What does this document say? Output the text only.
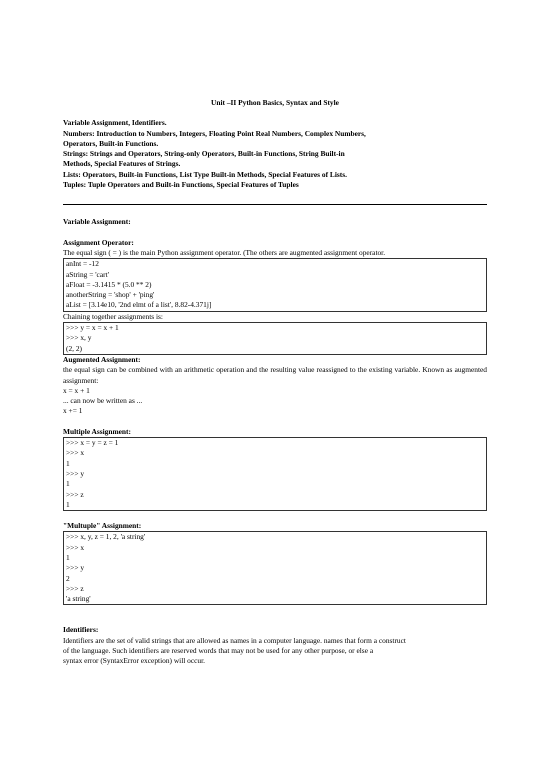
Unit –II Python Basics, Syntax and Style
Variable Assignment, Identifiers.
Numbers: Introduction to Numbers, Integers, Floating Point Real Numbers, Complex Numbers,
Operators, Built-in Functions.
Strings: Strings and Operators, String-only Operators, Built-in Functions, String Built-in
Methods, Special Features of Strings.
Lists: Operators, Built-in Functions, List Type Built-in Methods, Special Features of Lists.
Tuples: Tuple Operators and Built-in Functions, Special Features of Tuples
Variable Assignment:
Assignment Operator:
The equal sign ( = ) is the main Python assignment operator. (The others are augmented assignment operator.
anInt = -12
aString = 'cart'
aFloat = -3.1415 * (5.0 ** 2)
anotherString = 'shop' + 'ping'
aList = [3.14e10, '2nd elmt of a list', 8.82-4.371j]
Chaining together assignments is:
>>> y = x = x + 1
>>> x, y
(2, 2)
Augmented Assignment:
the equal sign can be combined with an arithmetic operation and the resulting value reassigned to the existing variable. Known as augmented assignment:
x = x + 1
... can now be written as ...
x += 1
Multiple Assignment:
>>> x = y = z = 1
>>> x
1
>>> y
1
>>> z
1
"Multuple" Assignment:
>>> x, y, z = 1, 2, 'a string'
>>> x
1
>>> y
2
>>> z
'a string'
Identifiers:
Identifiers are the set of valid strings that are allowed as names in a computer language. names that form a construct
of the language. Such identifiers are reserved words that may not be used for any other purpose, or else a
syntax error (SyntaxError exception) will occur.
